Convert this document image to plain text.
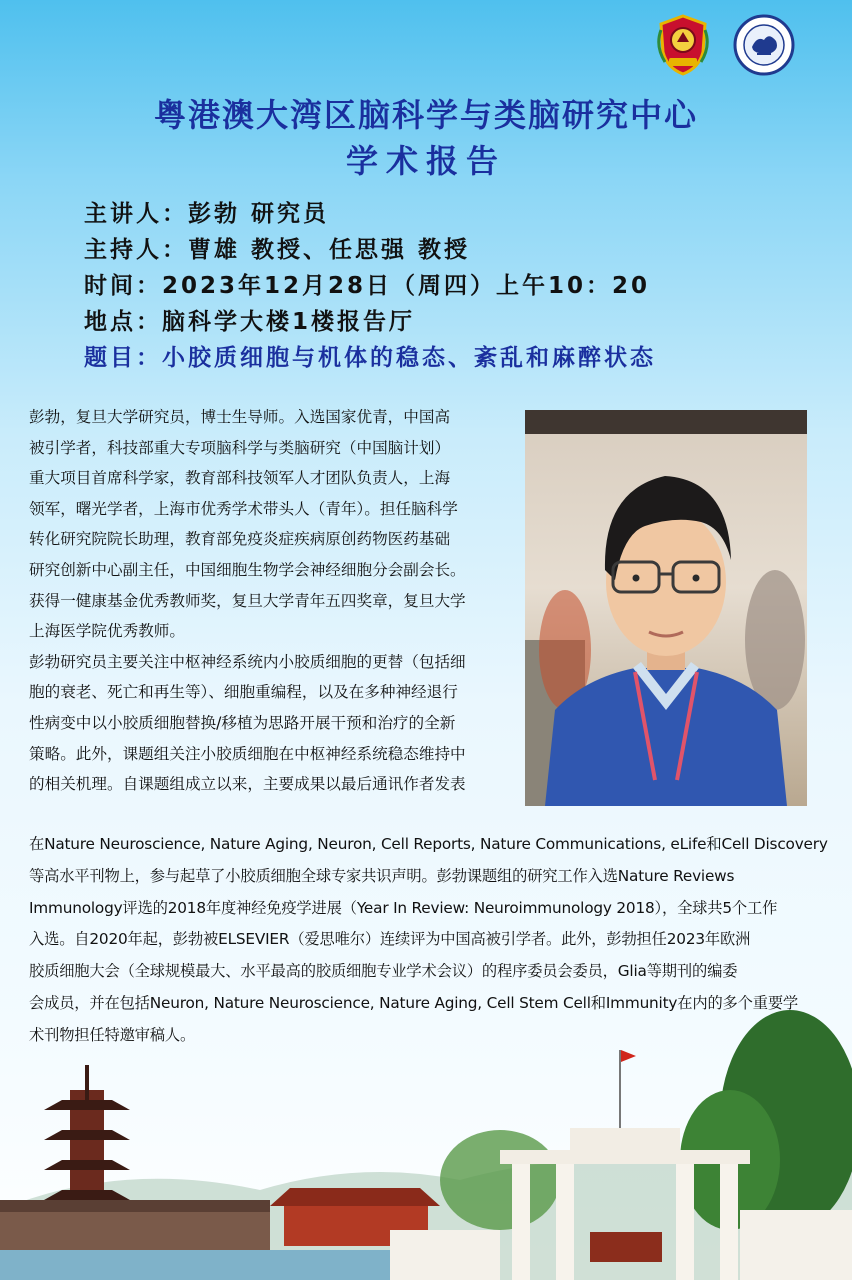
粤港澳大湾区脑科学与类脑研究中心
学术报告
主讲人：彭勃 研究员
主持人：曹雄 教授、任思强 教授
时间：2023年12月28日（周四）上午10：20
地点：脑科学大楼1楼报告厅
题目：小胶质细胞与机体的稳态、紊乱和麻醉状态

彭勃，复旦大学研究员，博士生导师。入选国家优青，中国高

被引学者，科技部重大专项脑科学与类脑研究（中国脑计划）

重大项目首席科学家，教育部科技领军人才团队负责人，上海

领军，曙光学者，上海市优秀学术带头人（青年）。担任脑科学

转化研究院院长助理，教育部免疫炎症疾病原创药物医药基础

研究创新中心副主任，中国细胞生物学会神经细胞分会副会长。

获得一健康基金优秀教师奖，复旦大学青年五四奖章，复旦大学

上海医学院优秀教师。

彭勃研究员主要关注中枢神经系统内小胶质细胞的更替（包括细

胞的衰老、死亡和再生等）、细胞重编程，以及在多种神经退行

性病变中以小胶质细胞替换/移植为思路开展干预和治疗的全新

策略。此外，课题组关注小胶质细胞在中枢神经系统稳态维持中

的相关机理。自课题组成立以来，主要成果以最后通讯作者发表

在Nature Neuroscience, Nature Aging, Neuron, Cell Reports, Nature Communications, eLife和Cell Discovery

等高水平刊物上，参与起草了小胶质细胞全球专家共识声明。彭勃课题组的研究工作入选Nature Reviews

Immunology评选的2018年度神经免疫学进展（Year In Review: Neuroimmunology 2018），全球共5个工作

入选。自2020年起，彭勃被ELSEVIER（爱思唯尔）连续评为中国高被引学者。此外，彭勃担任2023年欧洲

胶质细胞大会（全球规模最大、水平最高的胶质细胞专业学术会议）的程序委员会委员，Glia等期刊的编委

会成员，并在包括Neuron, Nature Neuroscience, Nature Aging, Cell Stem Cell和Immunity在内的多个重要学

术刊物担任特邀审稿人。
